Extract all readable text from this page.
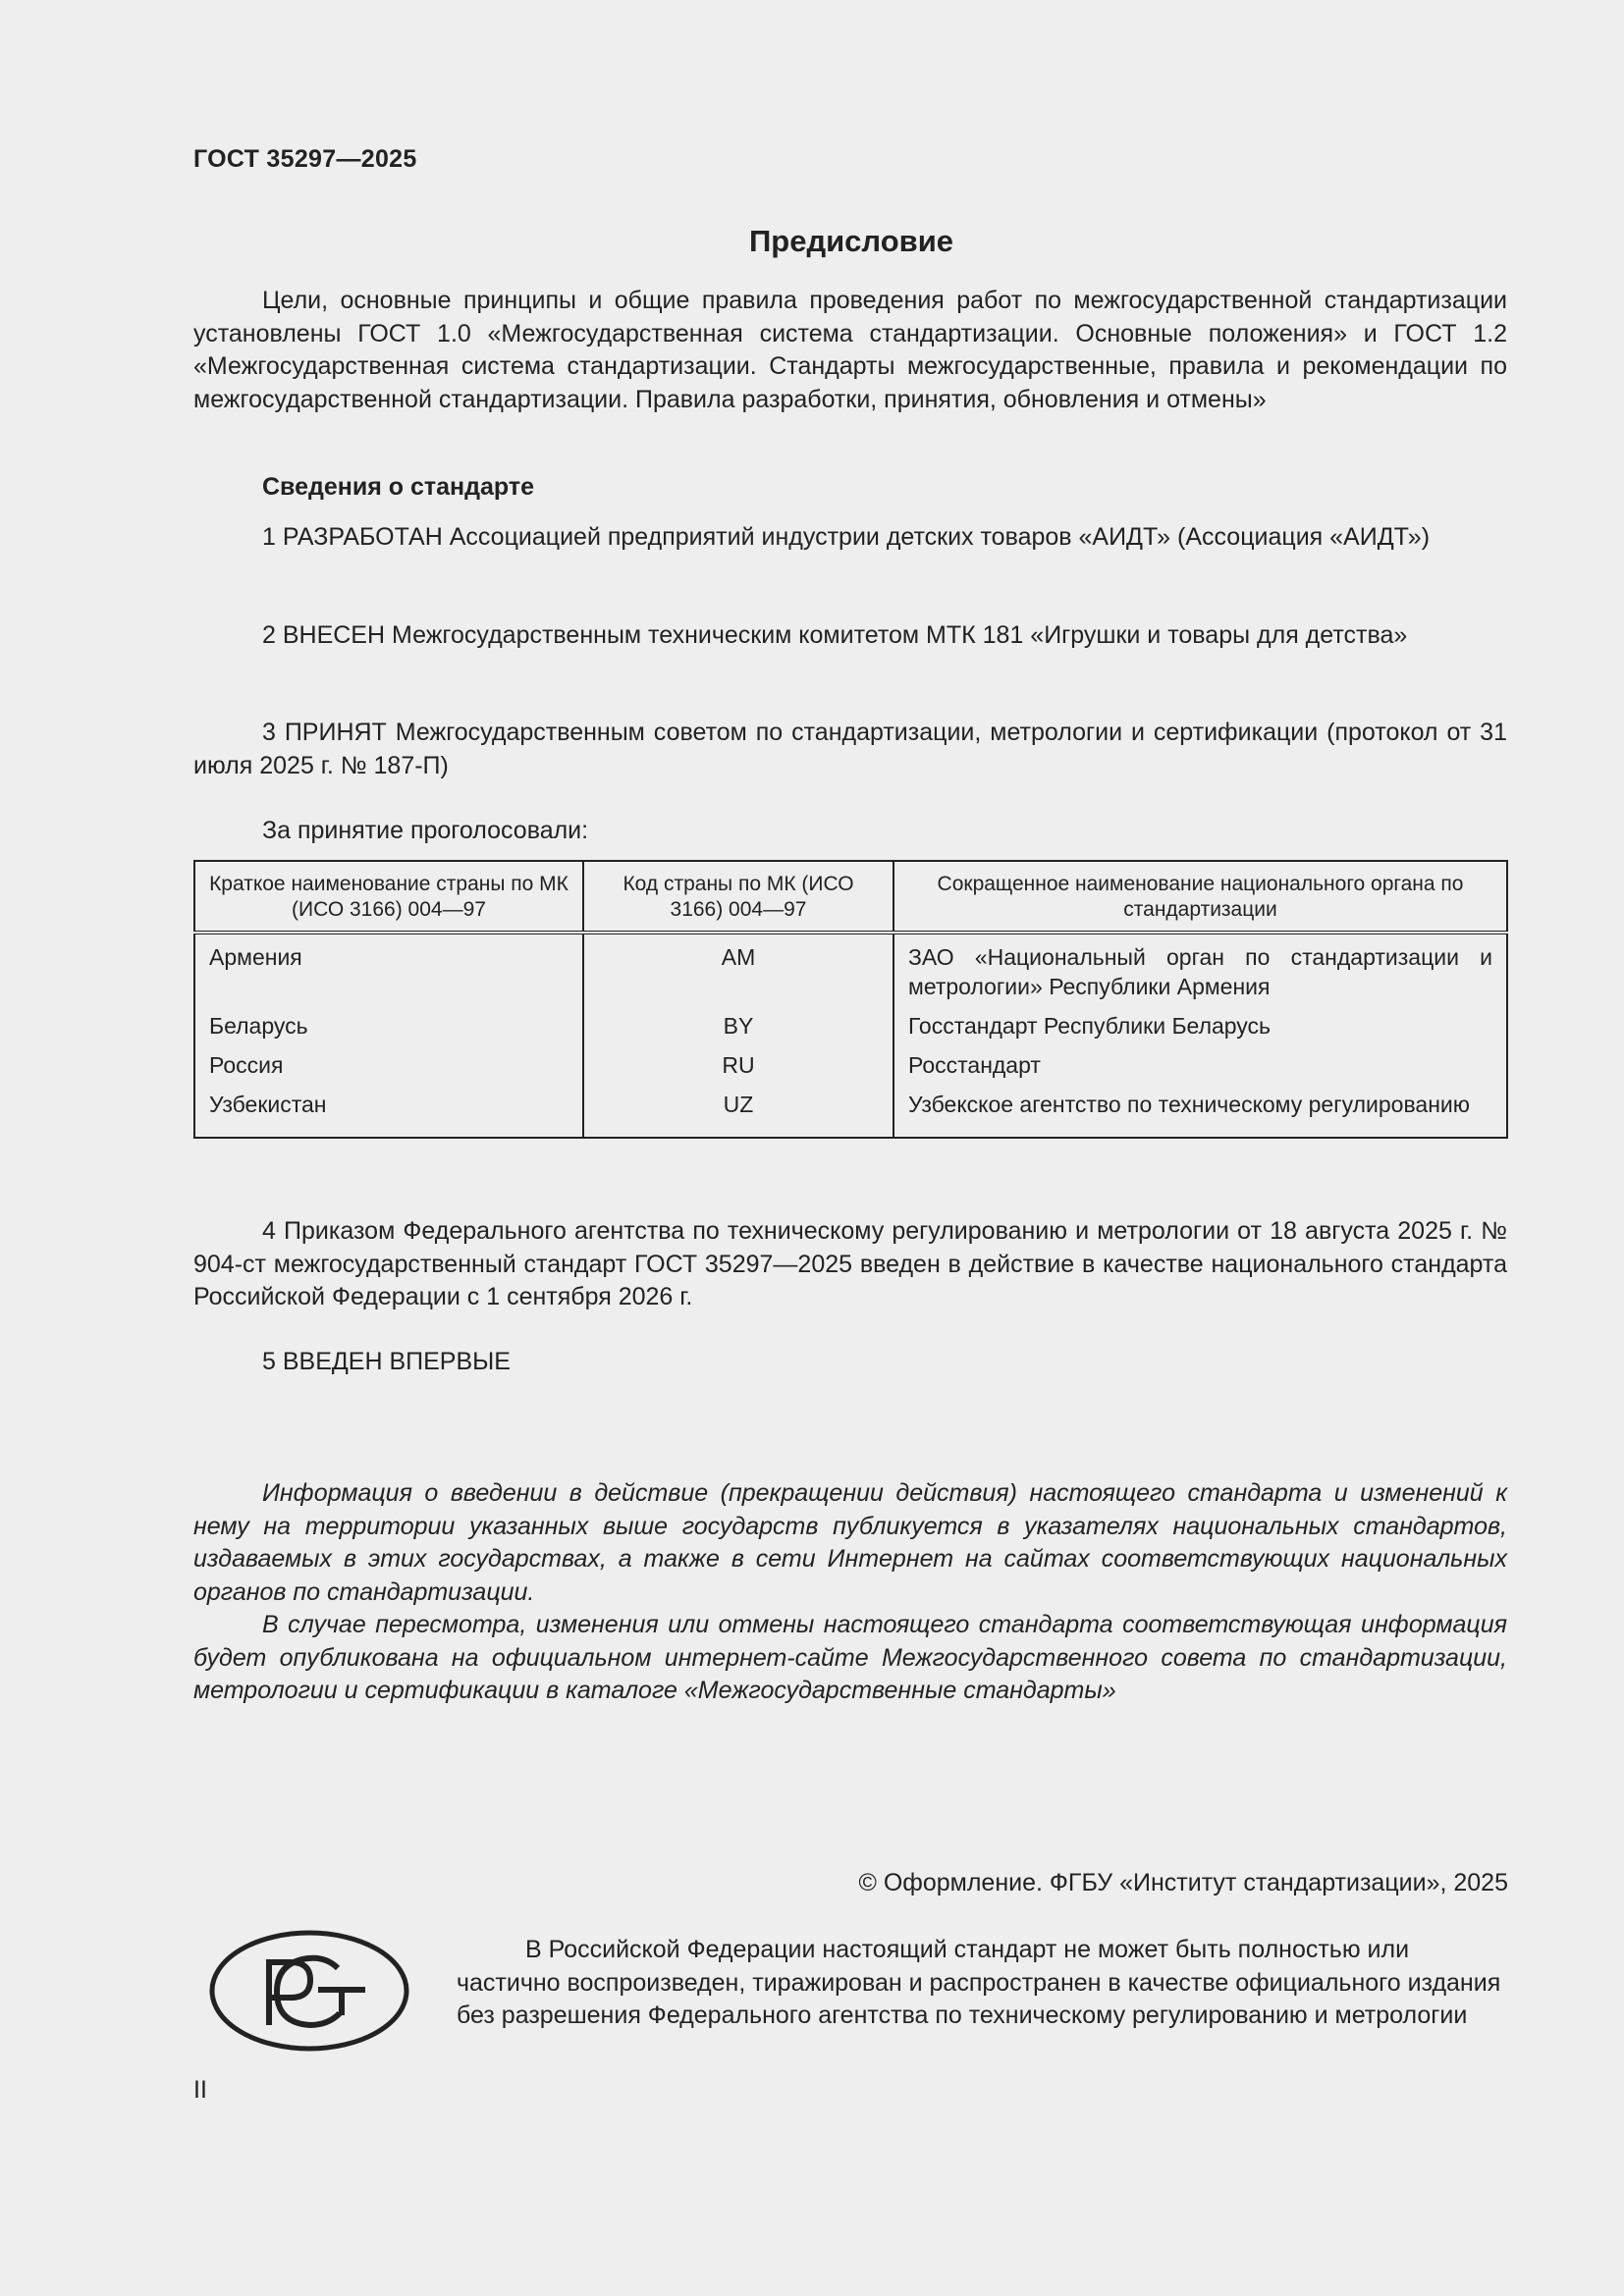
ГОСТ 35297—2025
Предисловие

Цели, основные принципы и общие правила проведения работ по межгосударственной стандартизации установлены ГОСТ 1.0 «Межгосударственная система стандартизации. Основные положения» и ГОСТ 1.2 «Межгосударственная система стандартизации. Стандарты межгосударственные, правила и рекомендации по межгосударственной стандартизации. Правила разработки, принятия, обновления и отмены»

Сведения о стандарте

1 РАЗРАБОТАН Ассоциацией предприятий индустрии детских товаров «АИДТ» (Ассоциация «АИДТ»)

2 ВНЕСЕН Межгосударственным техническим комитетом МТК 181 «Игрушки и товары для детства»

3 ПРИНЯТ Межгосударственным советом по стандартизации, метрологии и сертификации (протокол от 31 июля 2025 г. № 187-П)

За принятие проголосовали:
Краткое наименование страны по МК (ИСО 3166) 004—97	Код страны по МК (ИСО 3166) 004—97	Сокращенное наименование национального органа по стандартизации
Армения	AM	ЗАО «Национальный орган по стандартизации и метрологии» Республики Армения
Беларусь	BY	Госстандарт Республики Беларусь
Россия	RU	Росстандарт
Узбекистан	UZ	Узбекское агентство по техническому регулированию

4 Приказом Федерального агентства по техническому регулированию и метрологии от 18 августа 2025 г. № 904-ст межгосударственный стандарт ГОСТ 35297—2025 введен в действие в качестве национального стандарта Российской Федерации с 1 сентября 2026 г.

5 ВВЕДЕН ВПЕРВЫЕ

Информация о введении в действие (прекращении действия) настоящего стандарта и изменений к нему на территории указанных выше государств публикуется в указателях национальных стандартов, издаваемых в этих государствах, а также в сети Интернет на сайтах соответствующих национальных органов по стандартизации.

В случае пересмотра, изменения или отмены настоящего стандарта соответствующая информация будет опубликована на официальном интернет-сайте Межгосударственного совета по стандартизации, метрологии и сертификации в каталоге «Межгосударственные стандарты»

© Оформление. ФГБУ «Институт стандартизации», 2025

В Российской Федерации настоящий стандарт не может быть полностью или частично воспроизведен, тиражирован и распространен в качестве официального издания без разрешения Федерального агентства по техническому регулированию и метрологии

II
